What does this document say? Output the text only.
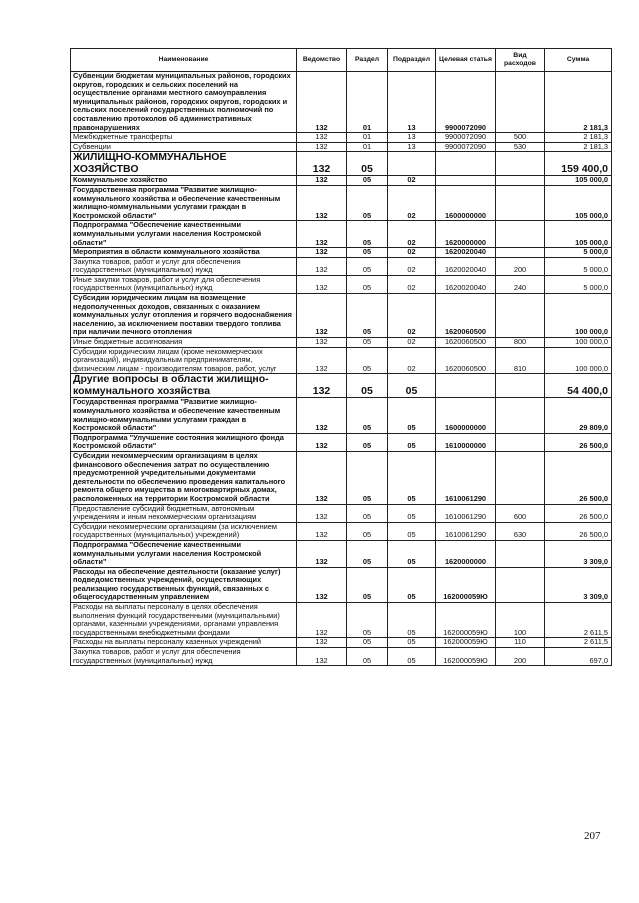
Наименование	Ведомство	Раздел	Подраздел	Целевая статья	Вид расходов	Сумма
Субвенции бюджетам муниципальных районов, городских округов, городских и сельских поселений на осуществление органами местного самоуправления муниципальных районов, городских округов, городских и сельских поселений государственных полномочий по составлению протоколов об административных правонарушениях	132	01	13	9900072090		2 181,3
Межбюджетные трансферты	132	01	13	9900072090	500	2 181,3
Субвенции	132	01	13	9900072090	530	2 181,3
ЖИЛИЩНО-КОММУНАЛЬНОЕ ХОЗЯЙСТВО	132	05				159 400,0
Коммунальное хозяйство	132	05	02			105 000,0
Государственная программа "Развитие жилищно-коммунального хозяйства и обеспечение качественным жилищно-коммунальными услугами граждан в Костромской области"	132	05	02	1600000000		105 000,0
Подпрограмма "Обеспечение качественными коммунальными услугами населения Костромской области"	132	05	02	1620000000		105 000,0
Мероприятия в области коммунального хозяйства	132	05	02	1620020040		5 000,0
Закупка товаров, работ и услуг для обеспечения государственных (муниципальных) нужд	132	05	02	1620020040	200	5 000,0
Иные закупки товаров, работ и услуг для обеспечения государственных (муниципальных) нужд	132	05	02	1620020040	240	5 000,0
Субсидии юридическим лицам на возмещение недополученных доходов, связанных с оказанием коммунальных услуг отопления и горячего водоснабжения населению, за исключением поставки твердого топлива при наличии печного отопления	132	05	02	1620060500		100 000,0
Иные бюджетные ассигнования	132	05	02	1620060500	800	100 000,0
Субсидии юридическим лицам (кроме некоммерческих организаций), индивидуальным предпринимателям, физическим лицам - производителям товаров, работ, услуг	132	05	02	1620060500	810	100 000,0
Другие вопросы в области жилищно-коммунального хозяйства	132	05	05			54 400,0
Государственная программа "Развитие жилищно-коммунального хозяйства и обеспечение качественным жилищно-коммунальными услугами граждан в Костромской области"	132	05	05	1600000000		29 809,0
Подпрограмма "Улучшение состояния жилищного фонда Костромской области"	132	05	05	1610000000		26 500,0
Субсидии некоммерческим организациям в целях финансового обеспечения затрат по осуществлению предусмотренной учредительными документами деятельности по обеспечению проведения капитального ремонта общего имущества в многоквартирных домах, расположенных на территории Костромской области	132	05	05	1610061290		26 500,0
Предоставление субсидий бюджетным, автономным учреждениям и иным некоммерческим организациям	132	05	05	1610061290	600	26 500,0
Субсидии некоммерческим организациям (за исключением государственных (муниципальных) учреждений)	132	05	05	1610061290	630	26 500,0
Подпрограмма "Обеспечение качественными коммунальными услугами населения Костромской области"	132	05	05	1620000000		3 309,0
Расходы на обеспечение деятельности (оказание услуг) подведомственных учреждений, осуществляющих реализацию государственных функций, связанных с общегосударственным управлением	132	05	05	162000059Ю		3 309,0
Расходы на выплаты персоналу в целях обеспечения выполнения функций государственными (муниципальными) органами, казенными учреждениями, органами управления государственными внебюджетными фондами	132	05	05	162000059Ю	100	2 611,5
Расходы на выплаты персоналу казенных учреждений	132	05	05	162000059Ю	110	2 611,5
Закупка товаров, работ и услуг для обеспечения государственных (муниципальных) нужд	132	05	05	162000059Ю	200	697,0
207
